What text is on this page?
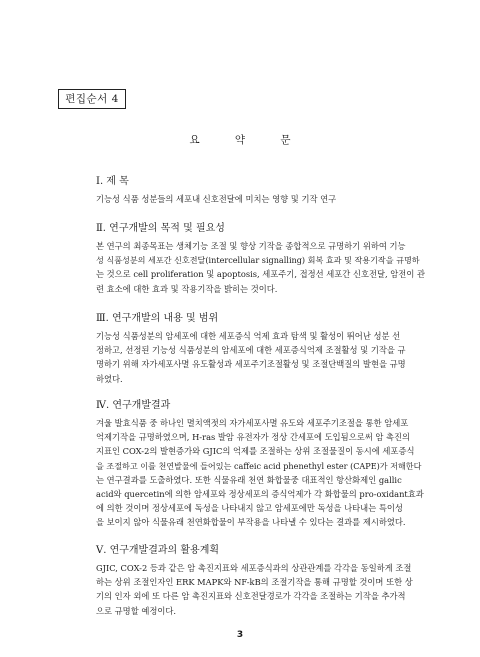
편집순서 4
요 약 문
Ⅰ. 제 목
기능성 식품 성분들의 세포내 신호전달에 미치는 영향 및 기작 연구
Ⅱ. 연구개발의 목적 및 필요성
본 연구의 최종목표는 생체기능 조절 및 향상 기작을 종합적으로 규명하기 위하여 기능
성 식품성분의 세포간 신호전달(intercellular signalling) 회복 효과 및 작용기작을 규명하
는 것으로 cell proliferation 및 apoptosis, 세포주기, 접정선 세포간 신호전달, 암전이 관
련 효소에 대한 효과 및 작용기작을 밝히는 것이다.
Ⅲ. 연구개발의 내용 및 범위
기능성 식품성분의 암세포에 대한 세포증식 억제 효과 탐색 및 활성이 뛰어난 성분 선
정하고, 선정된 기능성 식품성분의 암세포에 대한 세포증식억제 조절활성 및 기작을 규
명하기 위해 자가세포사멸 유도활성과 세포주기조절활성 및 조절단백질의 발현을 규명
하였다.
Ⅳ. 연구개발결과
겨울 발효식품 중 하나인 멸치액젓의 자가세포사멸 유도와 세포주기조절을 통한 암세포
억제기작을 규명하였으며, H-ras 발암 유전자가 정상 간세포에 도입됨으로써 암 촉진의
지표인 COX-2의 발현증가와 GJIC의 억제를 조절하는 상위 조절물질이 동시에 세포증식
을 조절하고 이를 천연발물에 들어있는 caffeic acid phenethyl ester (CAPE)가 저해한다
는 연구결과를 도출하였다. 또한 식물유래 천연 화합물중 대표적인 항산화제인 gallic
acid와 quercetin에 의한 암세포와 정상세포의 증식억제가 각 화합물의 pro-oxidant효과
에 의한 것이며 정상세포에 독성을 나타내지 않고 암세포에만 독성을 나타내는 특이성
을 보이지 않아 식물유래 천연화합물이 부작용을 나타낼 수 있다는 결과를 제시하였다.
Ⅴ. 연구개발결과의 활용계획
GJIC, COX-2 등과 같은 암 촉진지표와 세포증식과의 상관관계를 각각을 동일하게 조절
하는 상위 조절인자인 ERK MAPK와 NF-kB의 조절기작을 통해 규명할 것이며 또한 상
기의 인자 외에 또 다른 암 촉진지표와 신호전달경로가 각각을 조절하는 기작을 추가적
으로 규명할 예정이다.
3
